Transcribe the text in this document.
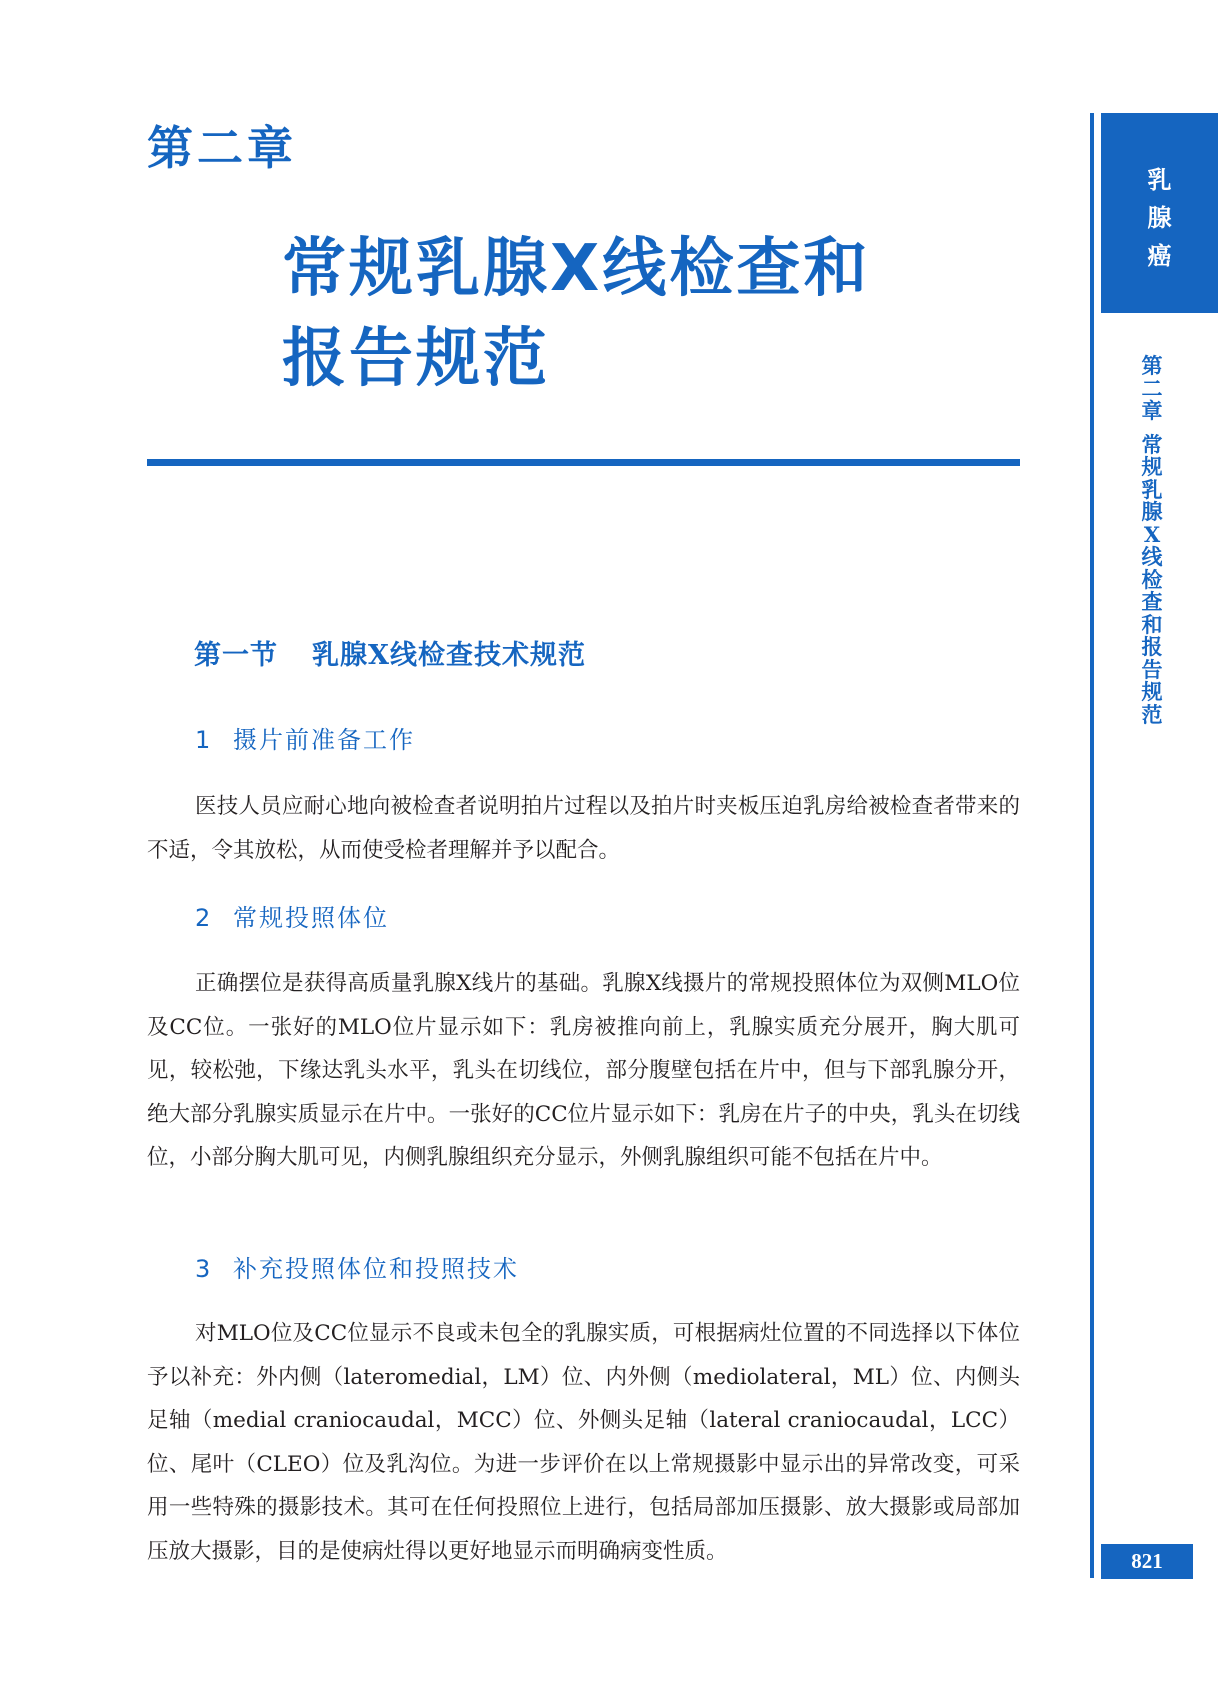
第二章
常规乳腺X线检查和
报告规范
第一节 乳腺X线检查技术规范
1 摄片前准备工作

医技人员应耐心地向被检查者说明拍片过程以及拍片时夹板压迫乳房给被检查者带来的不适，令其放松，从而使受检者理解并予以配合。

2 常规投照体位

正确摆位是获得高质量乳腺X线片的基础。乳腺X线摄片的常规投照体位为双侧MLO位及CC位。一张好的MLO位片显示如下：乳房被推向前上，乳腺实质充分展开，胸大肌可见，较松弛，下缘达乳头水平，乳头在切线位，部分腹壁包括在片中，但与下部乳腺分开，绝大部分乳腺实质显示在片中。一张好的CC位片显示如下：乳房在片子的中央，乳头在切线位，小部分胸大肌可见，内侧乳腺组织充分显示，外侧乳腺组织可能不包括在片中。

3 补充投照体位和投照技术

对MLO位及CC位显示不良或未包全的乳腺实质，可根据病灶位置的不同选择以下体位予以补充：外内侧（lateromedial，LM）位、内外侧（mediolateral，ML）位、内侧头足轴（medial craniocaudal，MCC）位、外侧头足轴（lateral craniocaudal，LCC）位、尾叶（CLEO）位及乳沟位。为进一步评价在以上常规摄影中显示出的异常改变，可采用一些特殊的摄影技术。其可在任何投照位上进行，包括局部加压摄影、放大摄影或局部加压放大摄影，目的是使病灶得以更好地显示而明确病变性质。

乳
腺
癌
第
二
章
常
规
乳
腺
X
线
检
查
和
报
告
规
范
821
